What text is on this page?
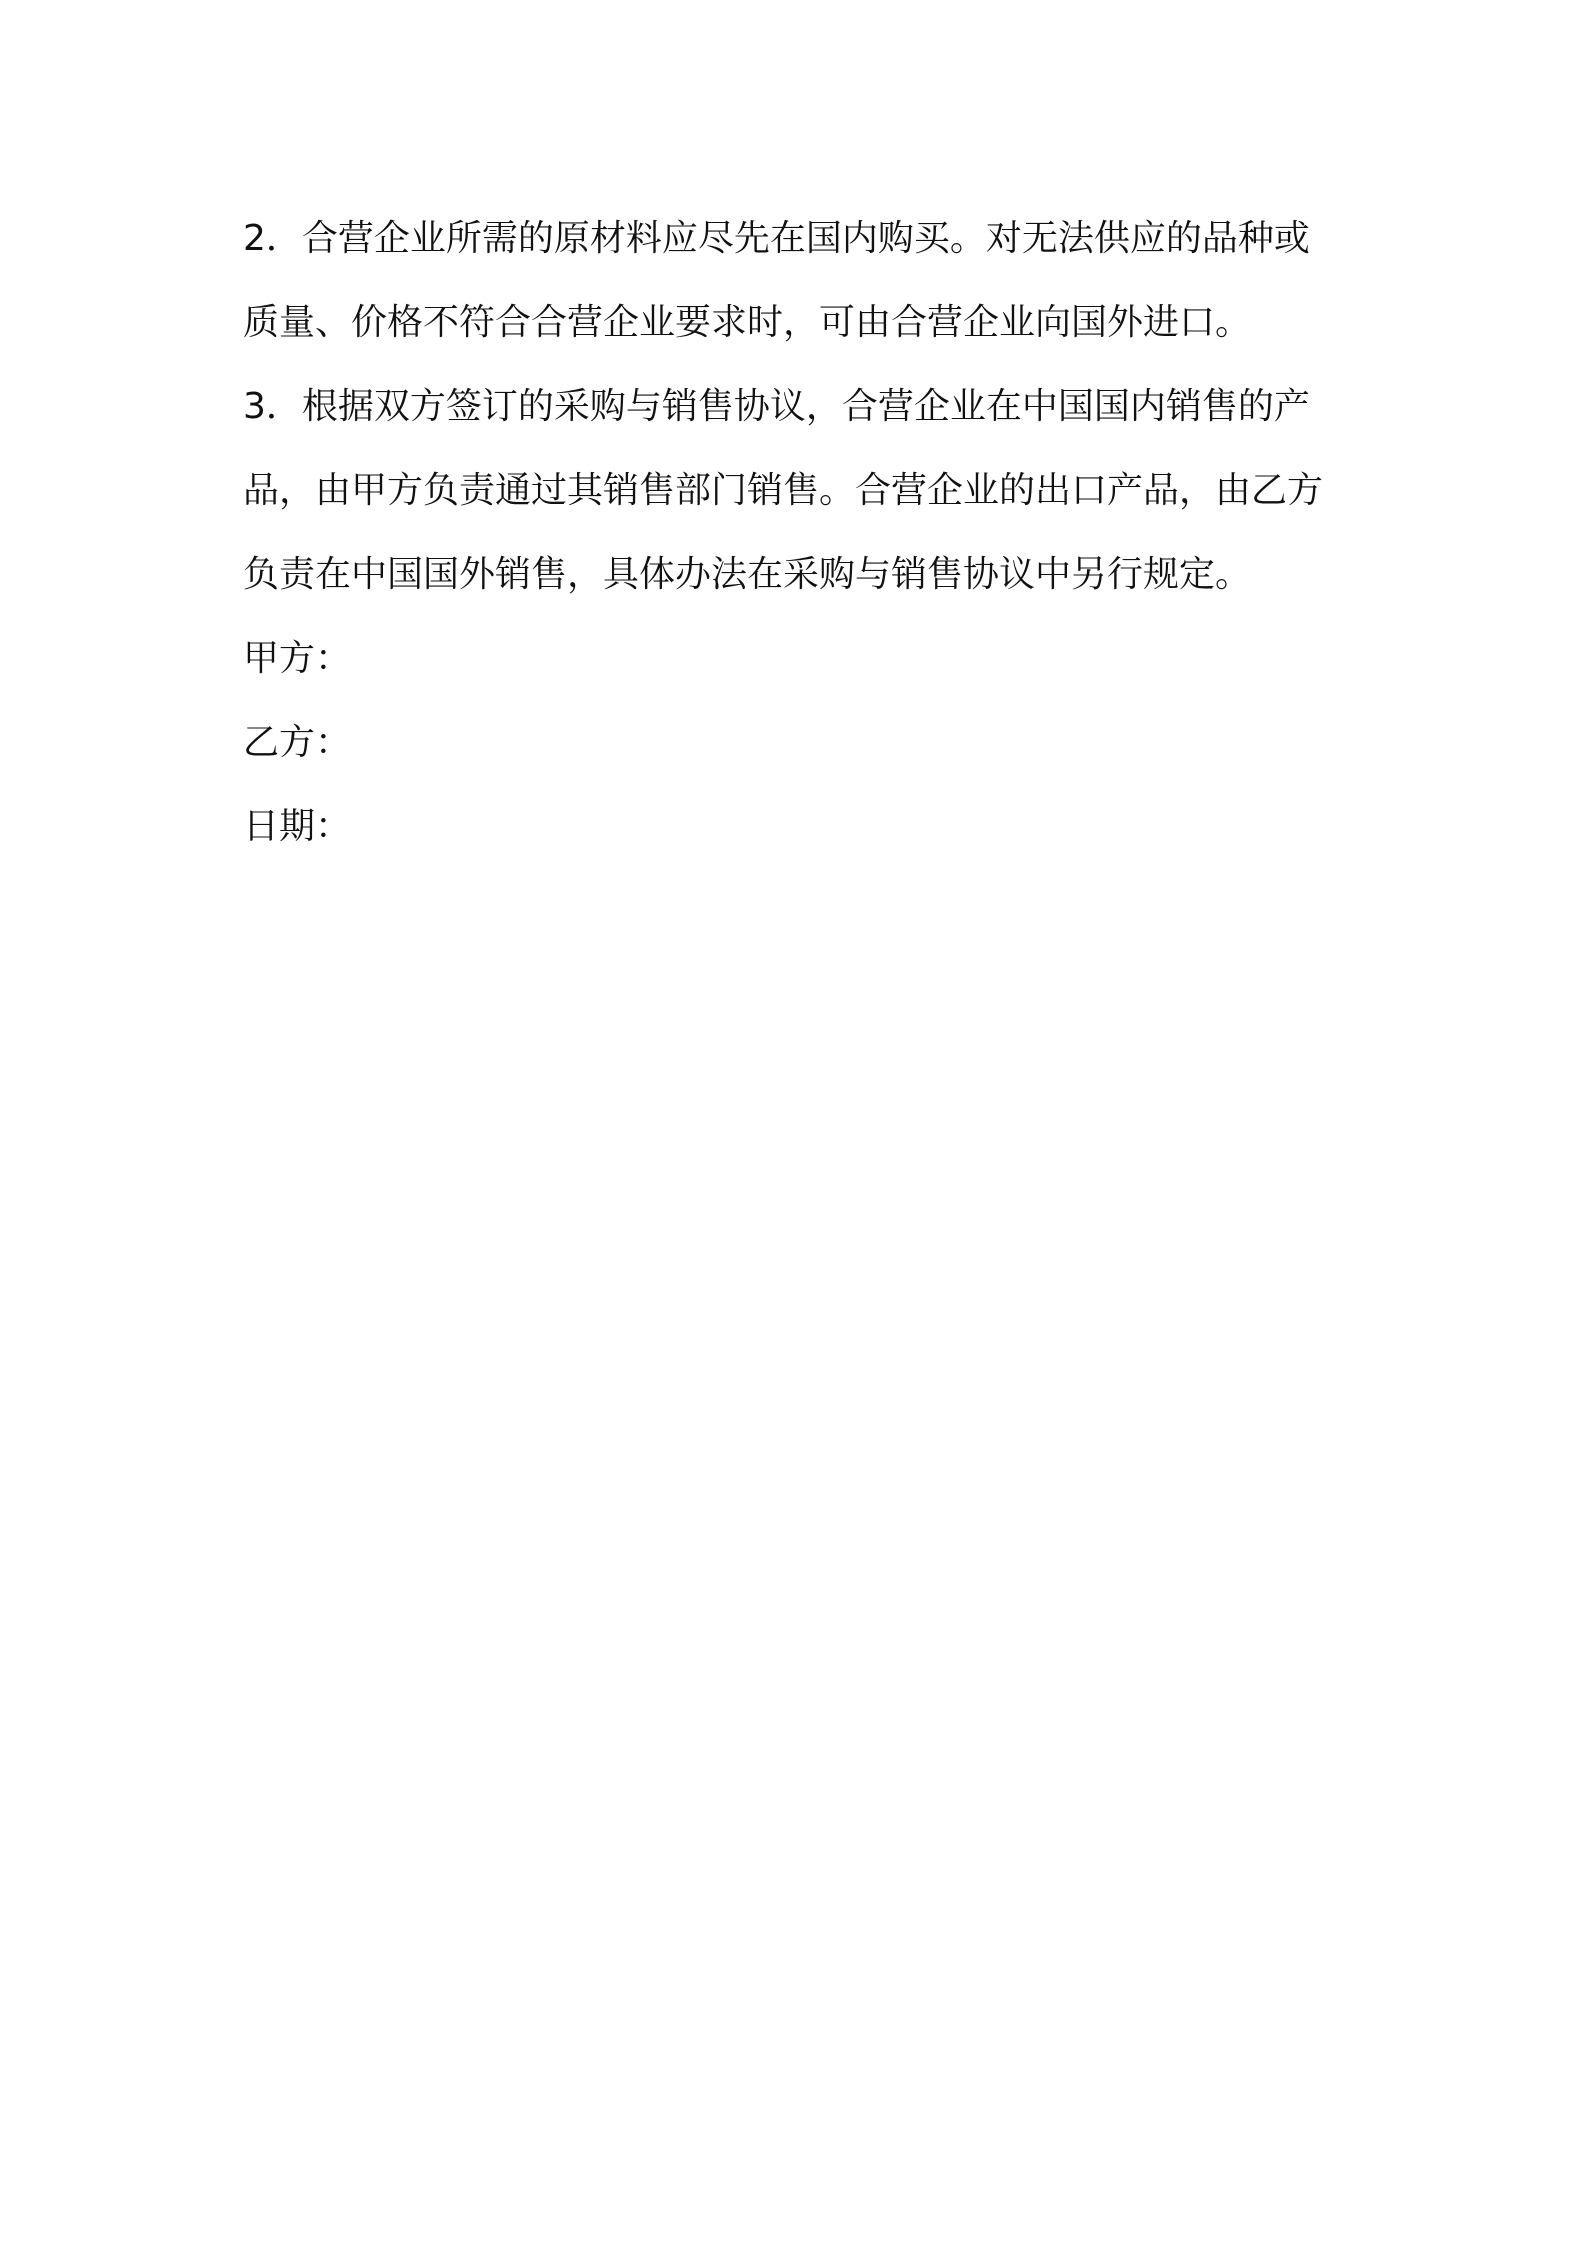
2．合营企业所需的原材料应尽先在国内购买。对无法供应的品种或
质量、价格不符合合营企业要求时，可由合营企业向国外进口。
3．根据双方签订的采购与销售协议，合营企业在中国国内销售的产
品，由甲方负责通过其销售部门销售。合营企业的出口产品，由乙方
负责在中国国外销售，具体办法在采购与销售协议中另行规定。
甲方：
乙方：
日期：
